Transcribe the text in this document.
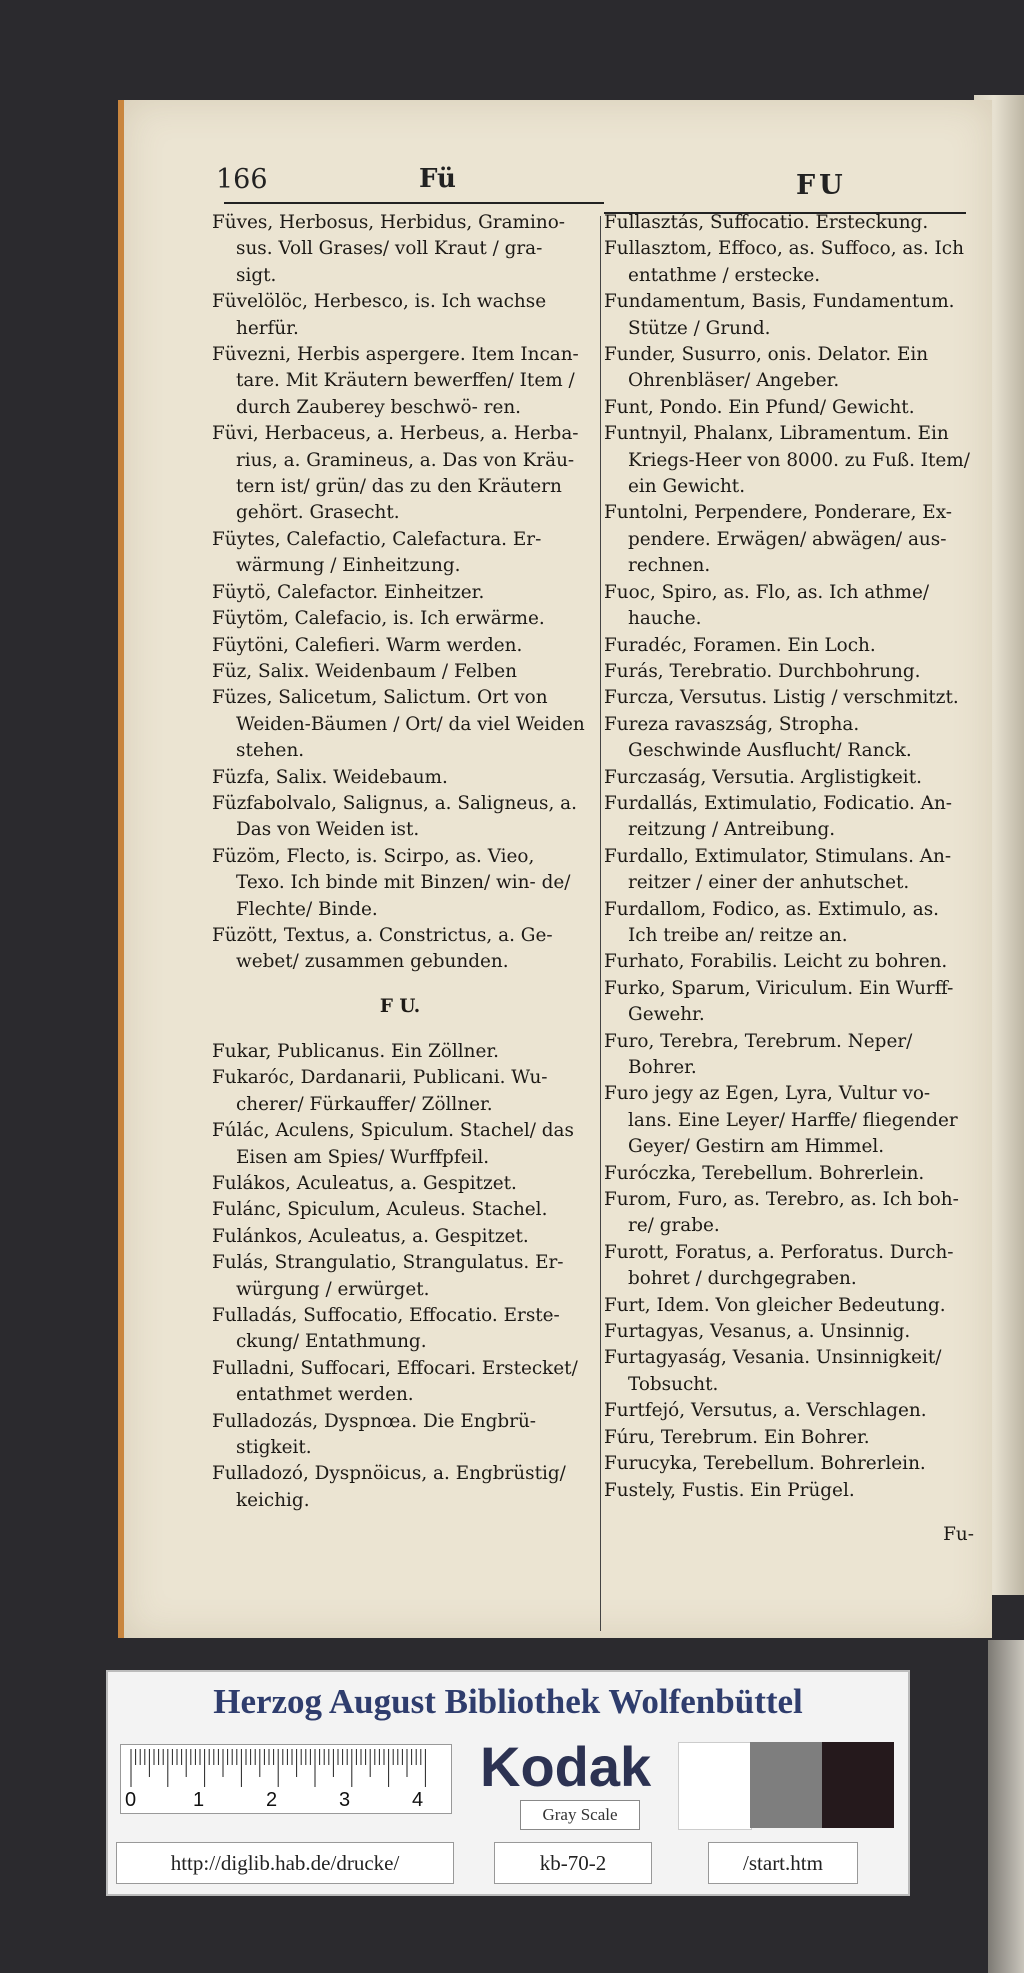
166	Fü	FU

Füves, Herbosus, Herbidus, Gramino- sus. Voll Grases/ voll Kraut / gra- sigt.

Füvelölöc, Herbesco, is. Ich wachse herfür.

Füvezni, Herbis aspergere. Item Incan- tare. Mit Kräutern bewerffen/ Item / durch Zauberey beschwö- ren.

Füvi, Herbaceus, a. Herbeus, a. Herba- rius, a. Gramineus, a. Das von Kräu- tern ist/ grün/ das zu den Kräutern gehört. Grasecht.

Füytes, Calefactio, Calefactura. Er- wärmung / Einheitzung.

Füytö, Calefactor. Einheitzer.

Füytöm, Calefacio, is. Ich erwärme.

Füytöni, Calefieri. Warm werden.

Füz, Salix. Weidenbaum / Felben

Füzes, Salicetum, Salictum. Ort von Weiden-Bäumen / Ort/ da viel Weiden stehen.

Füzfa, Salix. Weidebaum.

Füzfabolvalo, Salignus, a. Saligneus, a. Das von Weiden ist.

Füzöm, Flecto, is. Scirpo, as. Vieo, Texo. Ich binde mit Binzen/ win- de/ Flechte/ Binde.

Füzött, Textus, a. Constrictus, a. Ge- webet/ zusammen gebunden.

F U.

Fukar, Publicanus. Ein Zöllner.

Fukaróc, Dardanarii, Publicani. Wu- cherer/ Fürkauffer/ Zöllner.

Fúlác, Aculens, Spiculum. Stachel/ das Eisen am Spies/ Wurffpfeil.

Fulákos, Aculeatus, a. Gespitzet.

Fulánc, Spiculum, Aculeus. Stachel.

Fulánkos, Aculeatus, a. Gespitzet.

Fulás, Strangulatio, Strangulatus. Er- würgung / erwürget.

Fulladás, Suffocatio, Effocatio. Erste- ckung/ Entathmung.

Fulladni, Suffocari, Effocari. Erstecket/ entathmet werden.

Fulladozás, Dyspnœa. Die Engbrü- stigkeit.

Fulladozó, Dyspnöicus, a. Engbrüstig/ keichig.

Fullasztás, Suffocatio. Ersteckung.

Fullasztom, Effoco, as. Suffoco, as. Ich entathme / erstecke.

Fundamentum, Basis, Fundamentum. Stütze / Grund.

Funder, Susurro, onis. Delator. Ein Ohrenbläser/ Angeber.

Funt, Pondo. Ein Pfund/ Gewicht.

Funtnyil, Phalanx, Libramentum. Ein Kriegs-Heer von 8000. zu Fuß. Item/ ein Gewicht.

Funtolni, Perpendere, Ponderare, Ex- pendere. Erwägen/ abwägen/ aus- rechnen.

Fuoc, Spiro, as. Flo, as. Ich athme/ hauche.

Furadéc, Foramen. Ein Loch.

Furás, Terebratio. Durchbohrung.

Furcza, Versutus. Listig / verschmitzt.

Fureza ravaszság, Stropha. Geschwinde Ausflucht/ Ranck.

Furczaság, Versutia. Arglistigkeit.

Furdallás, Extimulatio, Fodicatio. An- reitzung / Antreibung.

Furdallo, Extimulator, Stimulans. An- reitzer / einer der anhutschet.

Furdallom, Fodico, as. Extimulo, as. Ich treibe an/ reitze an.

Furhato, Forabilis. Leicht zu bohren.

Furko, Sparum, Viriculum. Ein Wurff- Gewehr.

Furo, Terebra, Terebrum. Neper/ Bohrer.

Furo jegy az Egen, Lyra, Vultur vo- lans. Eine Leyer/ Harffe/ fliegender Geyer/ Gestirn am Himmel.

Furóczka, Terebellum. Bohrerlein.

Furom, Furo, as. Terebro, as. Ich boh- re/ grabe.

Furott, Foratus, a. Perforatus. Durch- bohret / durchgegraben.

Furt, Idem. Von gleicher Bedeutung.

Furtagyas, Vesanus, a. Unsinnig.

Furtagyaság, Vesania. Unsinnigkeit/ Tobsucht.

Furtfejó, Versutus, a. Verschlagen.

Fúru, Terebrum. Ein Bohrer.

Furucyka, Terebellum. Bohrerlein.

Fustely, Fustis. Ein Prügel.

Fu-

Herzog August Bibliothek Wolfenbüttel
0	1	2	3	4
Kodak
Gray Scale
http://diglib.hab.de/drucke/	kb-70-2	/start.htm
